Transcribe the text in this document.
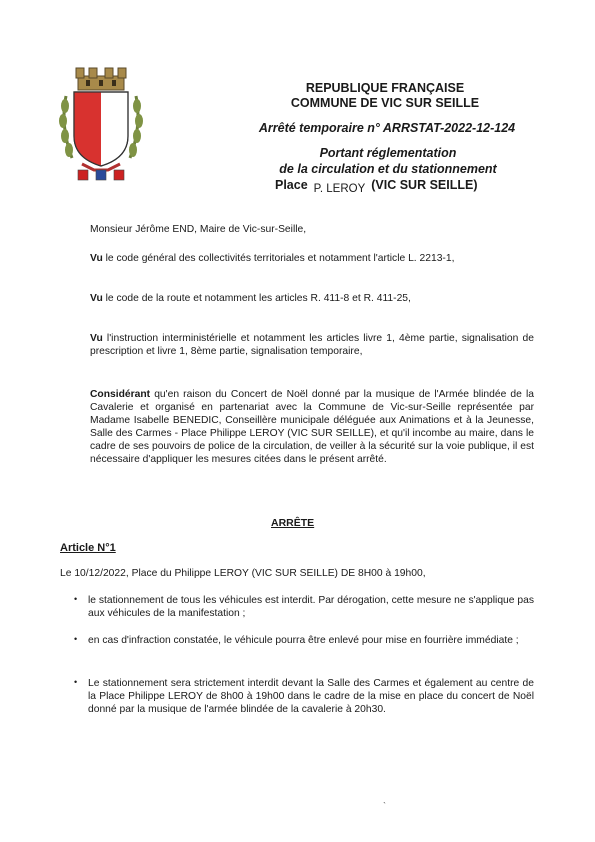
REPUBLIQUE FRANÇAISE
COMMUNE DE VIC SUR SEILLE
Arrêté temporaire n° ARRSTAT-2022-12-124
Portant réglementation
de la circulation et du stationnement
Place P. LEROY (VIC SUR SEILLE)
Monsieur Jérôme END, Maire de Vic-sur-Seille,
Vu le code général des collectivités territoriales et notamment l'article L. 2213-1,
Vu le code de la route et notamment les articles R. 411-8 et R. 411-25,
Vu l'instruction interministérielle et notamment les articles livre 1, 4ème partie, signalisation de prescription et livre 1, 8ème partie, signalisation temporaire,
Considérant qu'en raison du Concert de Noël donné par la musique de l'Armée blindée de la Cavalerie et organisé en partenariat avec la Commune de Vic-sur-Seille représentée par Madame Isabelle BENEDIC, Conseillère municipale déléguée aux Animations et à la Jeunesse, Salle des Carmes - Place Philippe LEROY (VIC SUR SEILLE), et qu'il incombe au maire, dans le cadre de ses pouvoirs de police de la circulation, de veiller à la sécurité sur la voie publique, il est nécessaire d'appliquer les mesures citées dans le présent arrêté.
ARRÊTE
Article N°1
Le 10/12/2022, Place du Philippe LEROY (VIC SUR SEILLE) DE 8H00 à 19h00,
• le stationnement de tous les véhicules est interdit. Par dérogation, cette mesure ne s'applique pas aux véhicules de la manifestation ;
• en cas d'infraction constatée, le véhicule pourra être enlevé pour mise en fourrière immédiate ;
• Le stationnement sera strictement interdit devant la Salle des Carmes et également au centre de la Place Philippe LEROY de 8h00 à 19h00 dans le cadre de la mise en place du concert de Noël donné par la musique de l'armée blindée de la cavalerie à 20h30.
`
